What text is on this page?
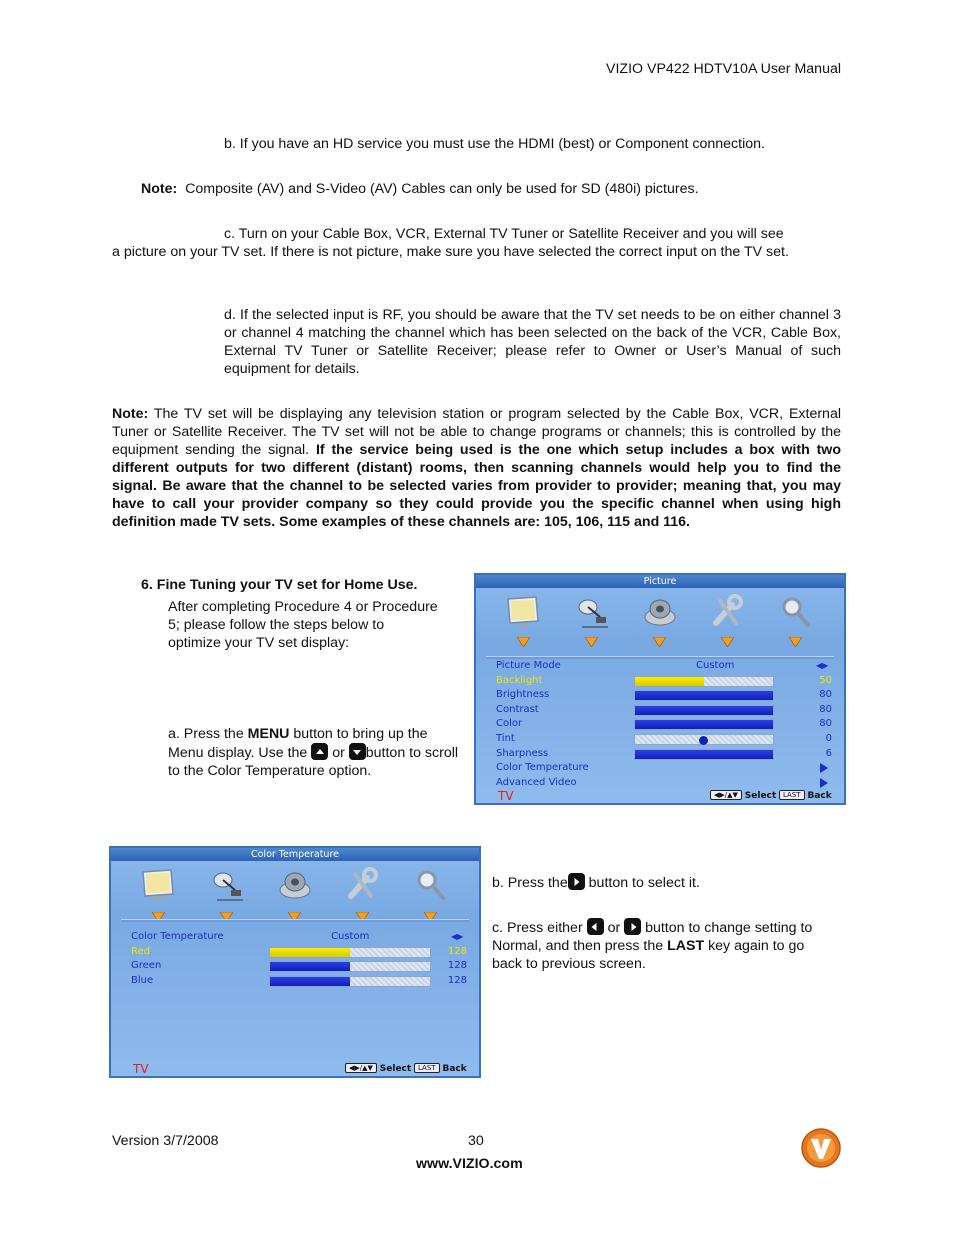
VIZIO VP422 HDTV10A User Manual
b. If you have an HD service you must use the HDMI (best) or Component connection.
Note: Composite (AV) and S-Video (AV) Cables can only be used for SD (480i) pictures.
c. Turn on your Cable Box, VCR, External TV Tuner or Satellite Receiver and you will see
a picture on your TV set. If there is not picture, make sure you have selected the correct input on the TV set.
d. If the selected input is RF, you should be aware that the TV set needs to be on either channel 3 or channel 4 matching the channel which has been selected on the back of the VCR, Cable Box, External TV Tuner or Satellite Receiver; please refer to Owner or User’s Manual of such equipment for details.
Note: The TV set will be displaying any television station or program selected by the Cable Box, VCR, External Tuner or Satellite Receiver. The TV set will not be able to change programs or channels; this is controlled by the equipment sending the signal. If the service being used is the one which setup includes a box with two different outputs for two different (distant) rooms, then scanning channels would help you to find the signal. Be aware that the channel to be selected varies from provider to provider; meaning that, you may have to call your provider company so they could provide you the specific channel when using high definition made TV sets. Some examples of these channels are: 105, 106, 115 and 116.
6. Fine Tuning your TV set for Home Use.
After completing Procedure 4 or Procedure 5; please follow the steps below to optimize your TV set display:
a. Press the MENU button to bring up the Menu display. Use the  or button to scroll to the Color Temperature option.
Picture
Picture Mode	Custom	◀▶
Backlight	50
Brightness	80
Contrast	80
Color	80
Tint	0
Sharpness	6
Color Temperature
Advanced Video
TV	◀▶/▲▼ Select LAST Back
Color Temperature
Color Temperature	Custom	◀▶
Red	128
Green	128
Blue	128
TV	◀▶/▲▼ Select LAST Back
b. Press the button to select it.
c. Press either  or  button to change setting to Normal, and then press the LAST key again to go back to previous screen.
Version 3/7/2008	30
www.VIZIO.com
